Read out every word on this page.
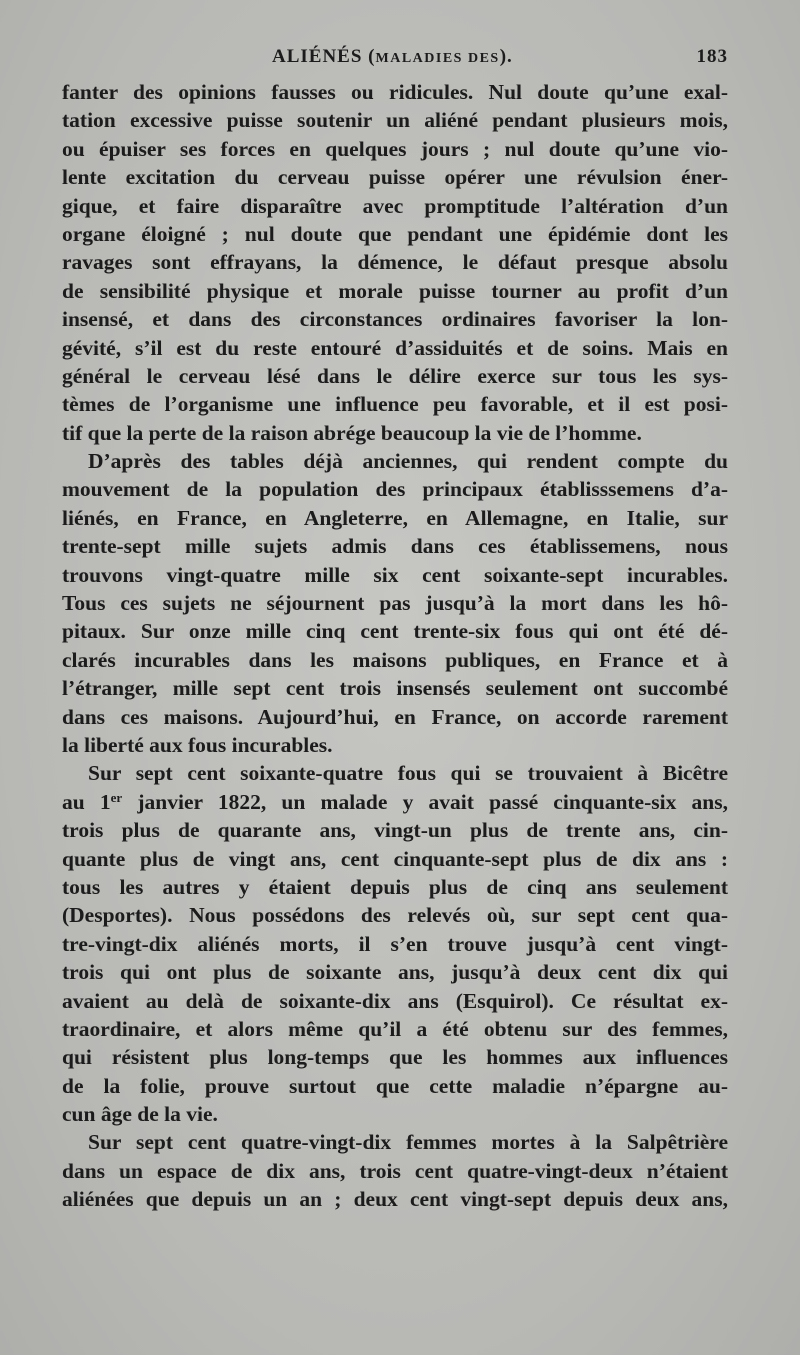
ALIÉNÉS (MALADIES DES).	183
fanter des opinions fausses ou ridicules. Nul doute qu’une exal-
tation excessive puisse soutenir un aliéné pendant plusieurs mois,
ou épuiser ses forces en quelques jours ; nul doute qu’une vio-
lente excitation du cerveau puisse opérer une révulsion éner-
gique, et faire disparaître avec promptitude l’altération d’un
organe éloigné ; nul doute que pendant une épidémie dont les
ravages sont effrayans, la démence, le défaut presque absolu
de sensibilité physique et morale puisse tourner au profit d’un
insensé, et dans des circonstances ordinaires favoriser la lon-
gévité, s’il est du reste entouré d’assiduités et de soins. Mais en
général le cerveau lésé dans le délire exerce sur tous les sys-
tèmes de l’organisme une influence peu favorable, et il est posi-
tif que la perte de la raison abrége beaucoup la vie de l’homme.
D’après des tables déjà anciennes, qui rendent compte du
mouvement de la population des principaux établisssemens d’a-
liénés, en France, en Angleterre, en Allemagne, en Italie, sur
trente-sept mille sujets admis dans ces établissemens, nous
trouvons vingt-quatre mille six cent soixante-sept incurables.
Tous ces sujets ne séjournent pas jusqu’à la mort dans les hô-
pitaux. Sur onze mille cinq cent trente-six fous qui ont été dé-
clarés incurables dans les maisons publiques, en France et à
l’étranger, mille sept cent trois insensés seulement ont succombé
dans ces maisons. Aujourd’hui, en France, on accorde rarement
la liberté aux fous incurables.
Sur sept cent soixante-quatre fous qui se trouvaient à Bicêtre
au 1er janvier 1822, un malade y avait passé cinquante-six ans,
trois plus de quarante ans, vingt-un plus de trente ans, cin-
quante plus de vingt ans, cent cinquante-sept plus de dix ans :
tous les autres y étaient depuis plus de cinq ans seulement
(Desportes). Nous possédons des relevés où, sur sept cent qua-
tre-vingt-dix aliénés morts, il s’en trouve jusqu’à cent vingt-
trois qui ont plus de soixante ans, jusqu’à deux cent dix qui
avaient au delà de soixante-dix ans (Esquirol). Ce résultat ex-
traordinaire, et alors même qu’il a été obtenu sur des femmes,
qui résistent plus long-temps que les hommes aux influences
de la folie, prouve surtout que cette maladie n’épargne au-
cun âge de la vie.
Sur sept cent quatre-vingt-dix femmes mortes à la Salpêtrière
dans un espace de dix ans, trois cent quatre-vingt-deux n’étaient
aliénées que depuis un an ; deux cent vingt-sept depuis deux ans,
